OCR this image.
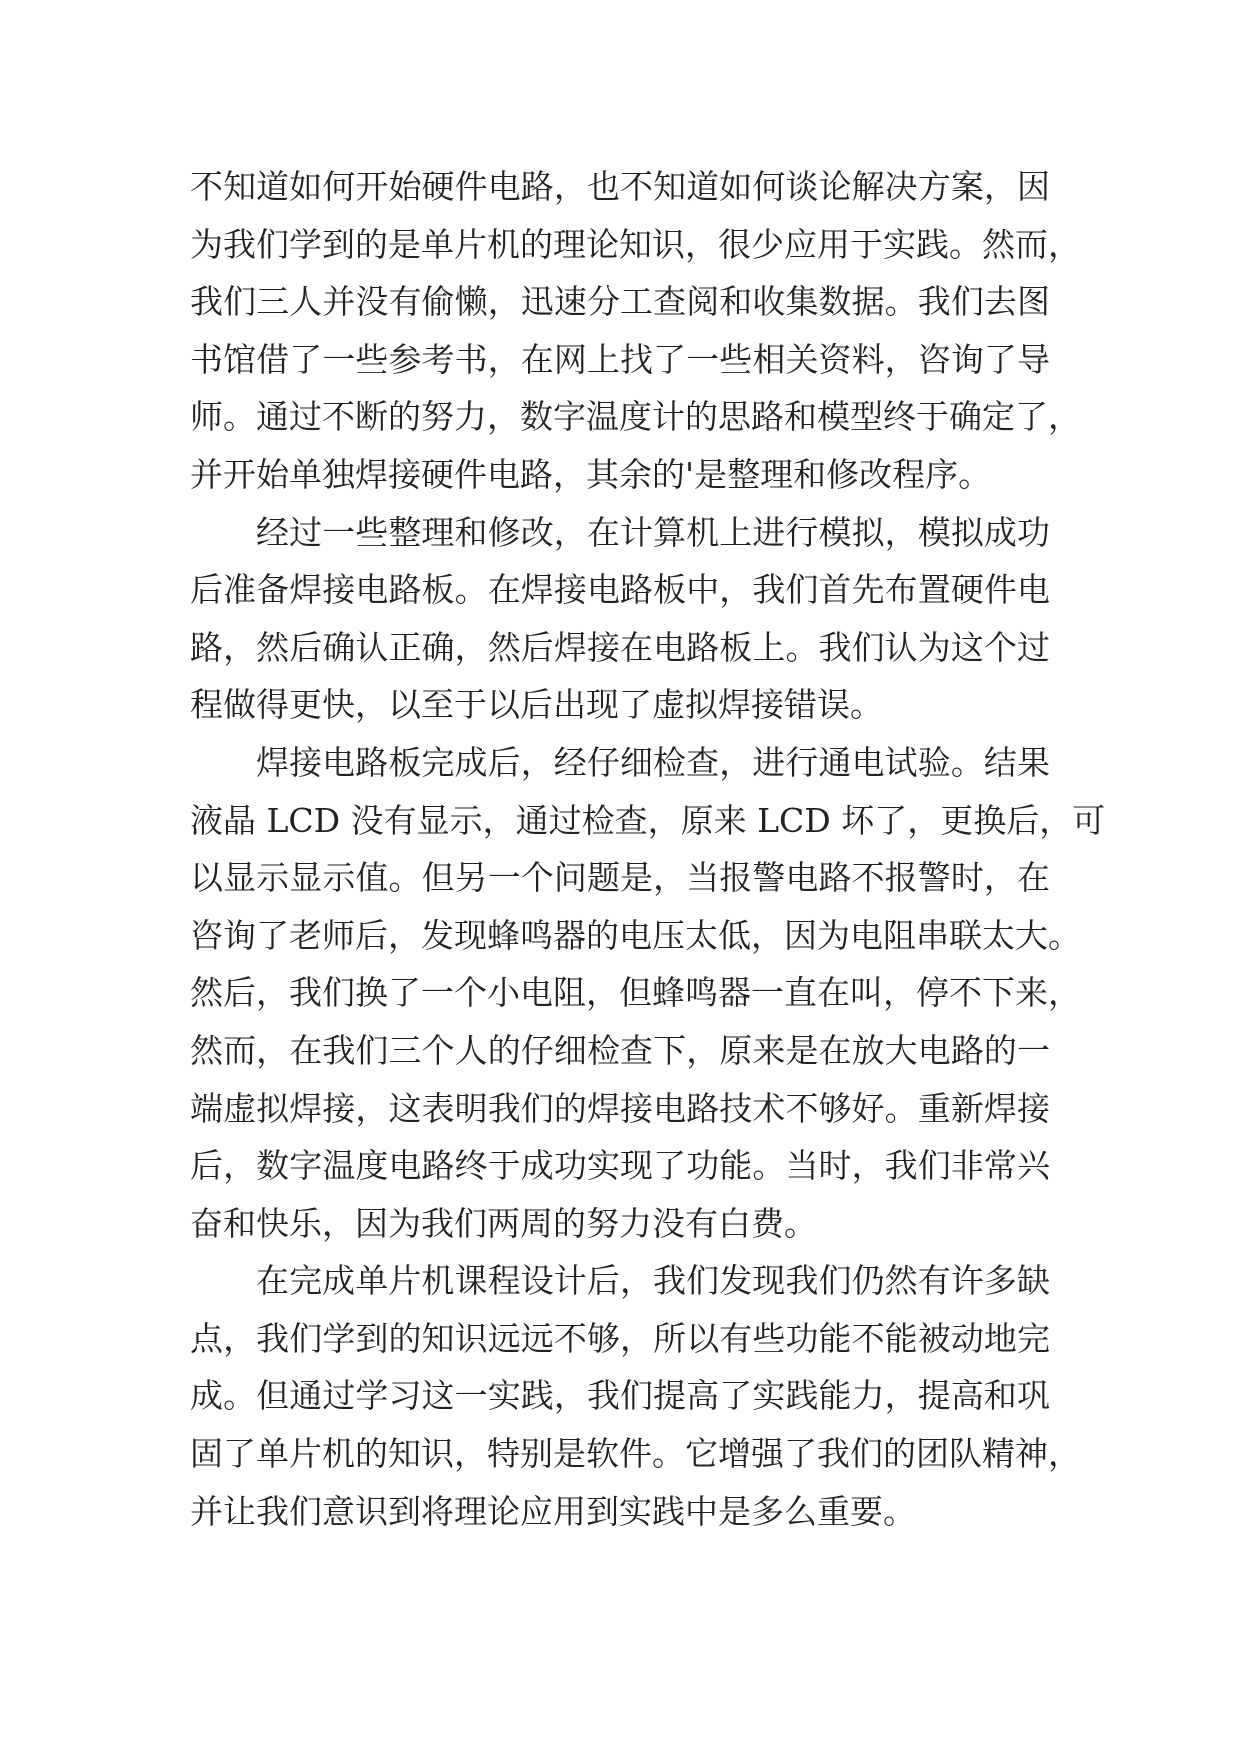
不知道如何开始硬件电路，也不知道如何谈论解决方案，因
为我们学到的是单片机的理论知识，很少应用于实践。然而，
我们三人并没有偷懒，迅速分工查阅和收集数据。我们去图
书馆借了一些参考书，在网上找了一些相关资料，咨询了导
师。通过不断的努力，数字温度计的思路和模型终于确定了，
并开始单独焊接硬件电路，其余的'是整理和修改程序。
经过一些整理和修改，在计算机上进行模拟，模拟成功
后准备焊接电路板。在焊接电路板中，我们首先布置硬件电
路，然后确认正确，然后焊接在电路板上。我们认为这个过
程做得更快，以至于以后出现了虚拟焊接错误。
焊接电路板完成后，经仔细检查，进行通电试验。结果
液晶 LCD 没有显示，通过检查，原来 LCD 坏了，更换后，可
以显示显示值。但另一个问题是，当报警电路不报警时，在
咨询了老师后，发现蜂鸣器的电压太低，因为电阻串联太大。
然后，我们换了一个小电阻，但蜂鸣器一直在叫，停不下来，
然而，在我们三个人的仔细检查下，原来是在放大电路的一
端虚拟焊接，这表明我们的焊接电路技术不够好。重新焊接
后，数字温度电路终于成功实现了功能。当时，我们非常兴
奋和快乐，因为我们两周的努力没有白费。
在完成单片机课程设计后，我们发现我们仍然有许多缺
点，我们学到的知识远远不够，所以有些功能不能被动地完
成。但通过学习这一实践，我们提高了实践能力，提高和巩
固了单片机的知识，特别是软件。它增强了我们的团队精神，
并让我们意识到将理论应用到实践中是多么重要。
